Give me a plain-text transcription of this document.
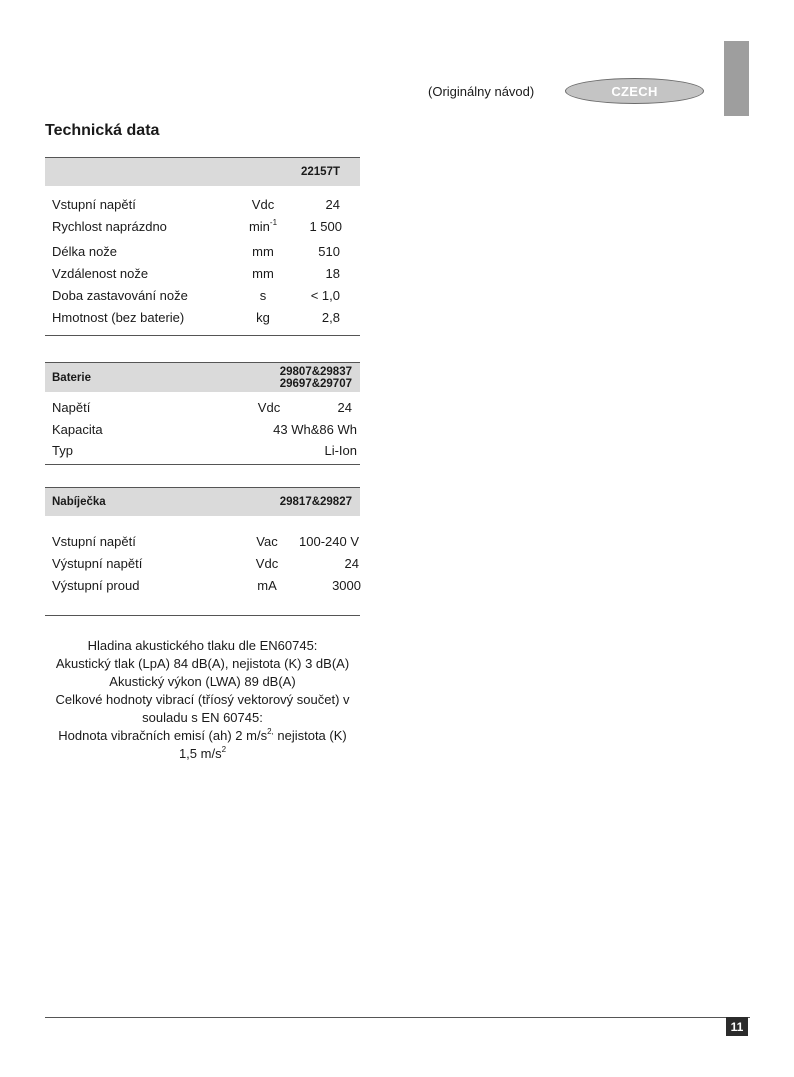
(Originálny návod)	CZECH
Technická data
22157T
Vstupní napětí	Vdc	24
Rychlost naprázdno	$\min^{-1}$	1 500
Délka nože	mm	510
Vzdálenost nože	mm	18
Doba zastavování nože	s	< 1,0
Hmotnost (bez baterie)	kg	2,8
Baterie	29807&29837
29697&29707
Napětí	Vdc	24
Kapacita	43 Wh&86 Wh
Typ	Li-Ion
Nabíječka	29817&29827
Vstupní napětí	Vac	100-240 V
Výstupní napětí	Vdc	24
Výstupní proud	mA	3000
Hladina akustického tlaku dle EN60745:
Akustický tlak (LpA) 84 dB(A), nejistota (K) 3 dB(A)
Akustický výkon (LWA) 89 dB(A)
Celkové hodnoty vibrací (tříosý vektorový součet) v
souladu s EN 60745:
Hodnota vibračních emisí (ah) 2 $m/s^{2,}$ nejistota (K)
1,5 $m/s^2$
11
